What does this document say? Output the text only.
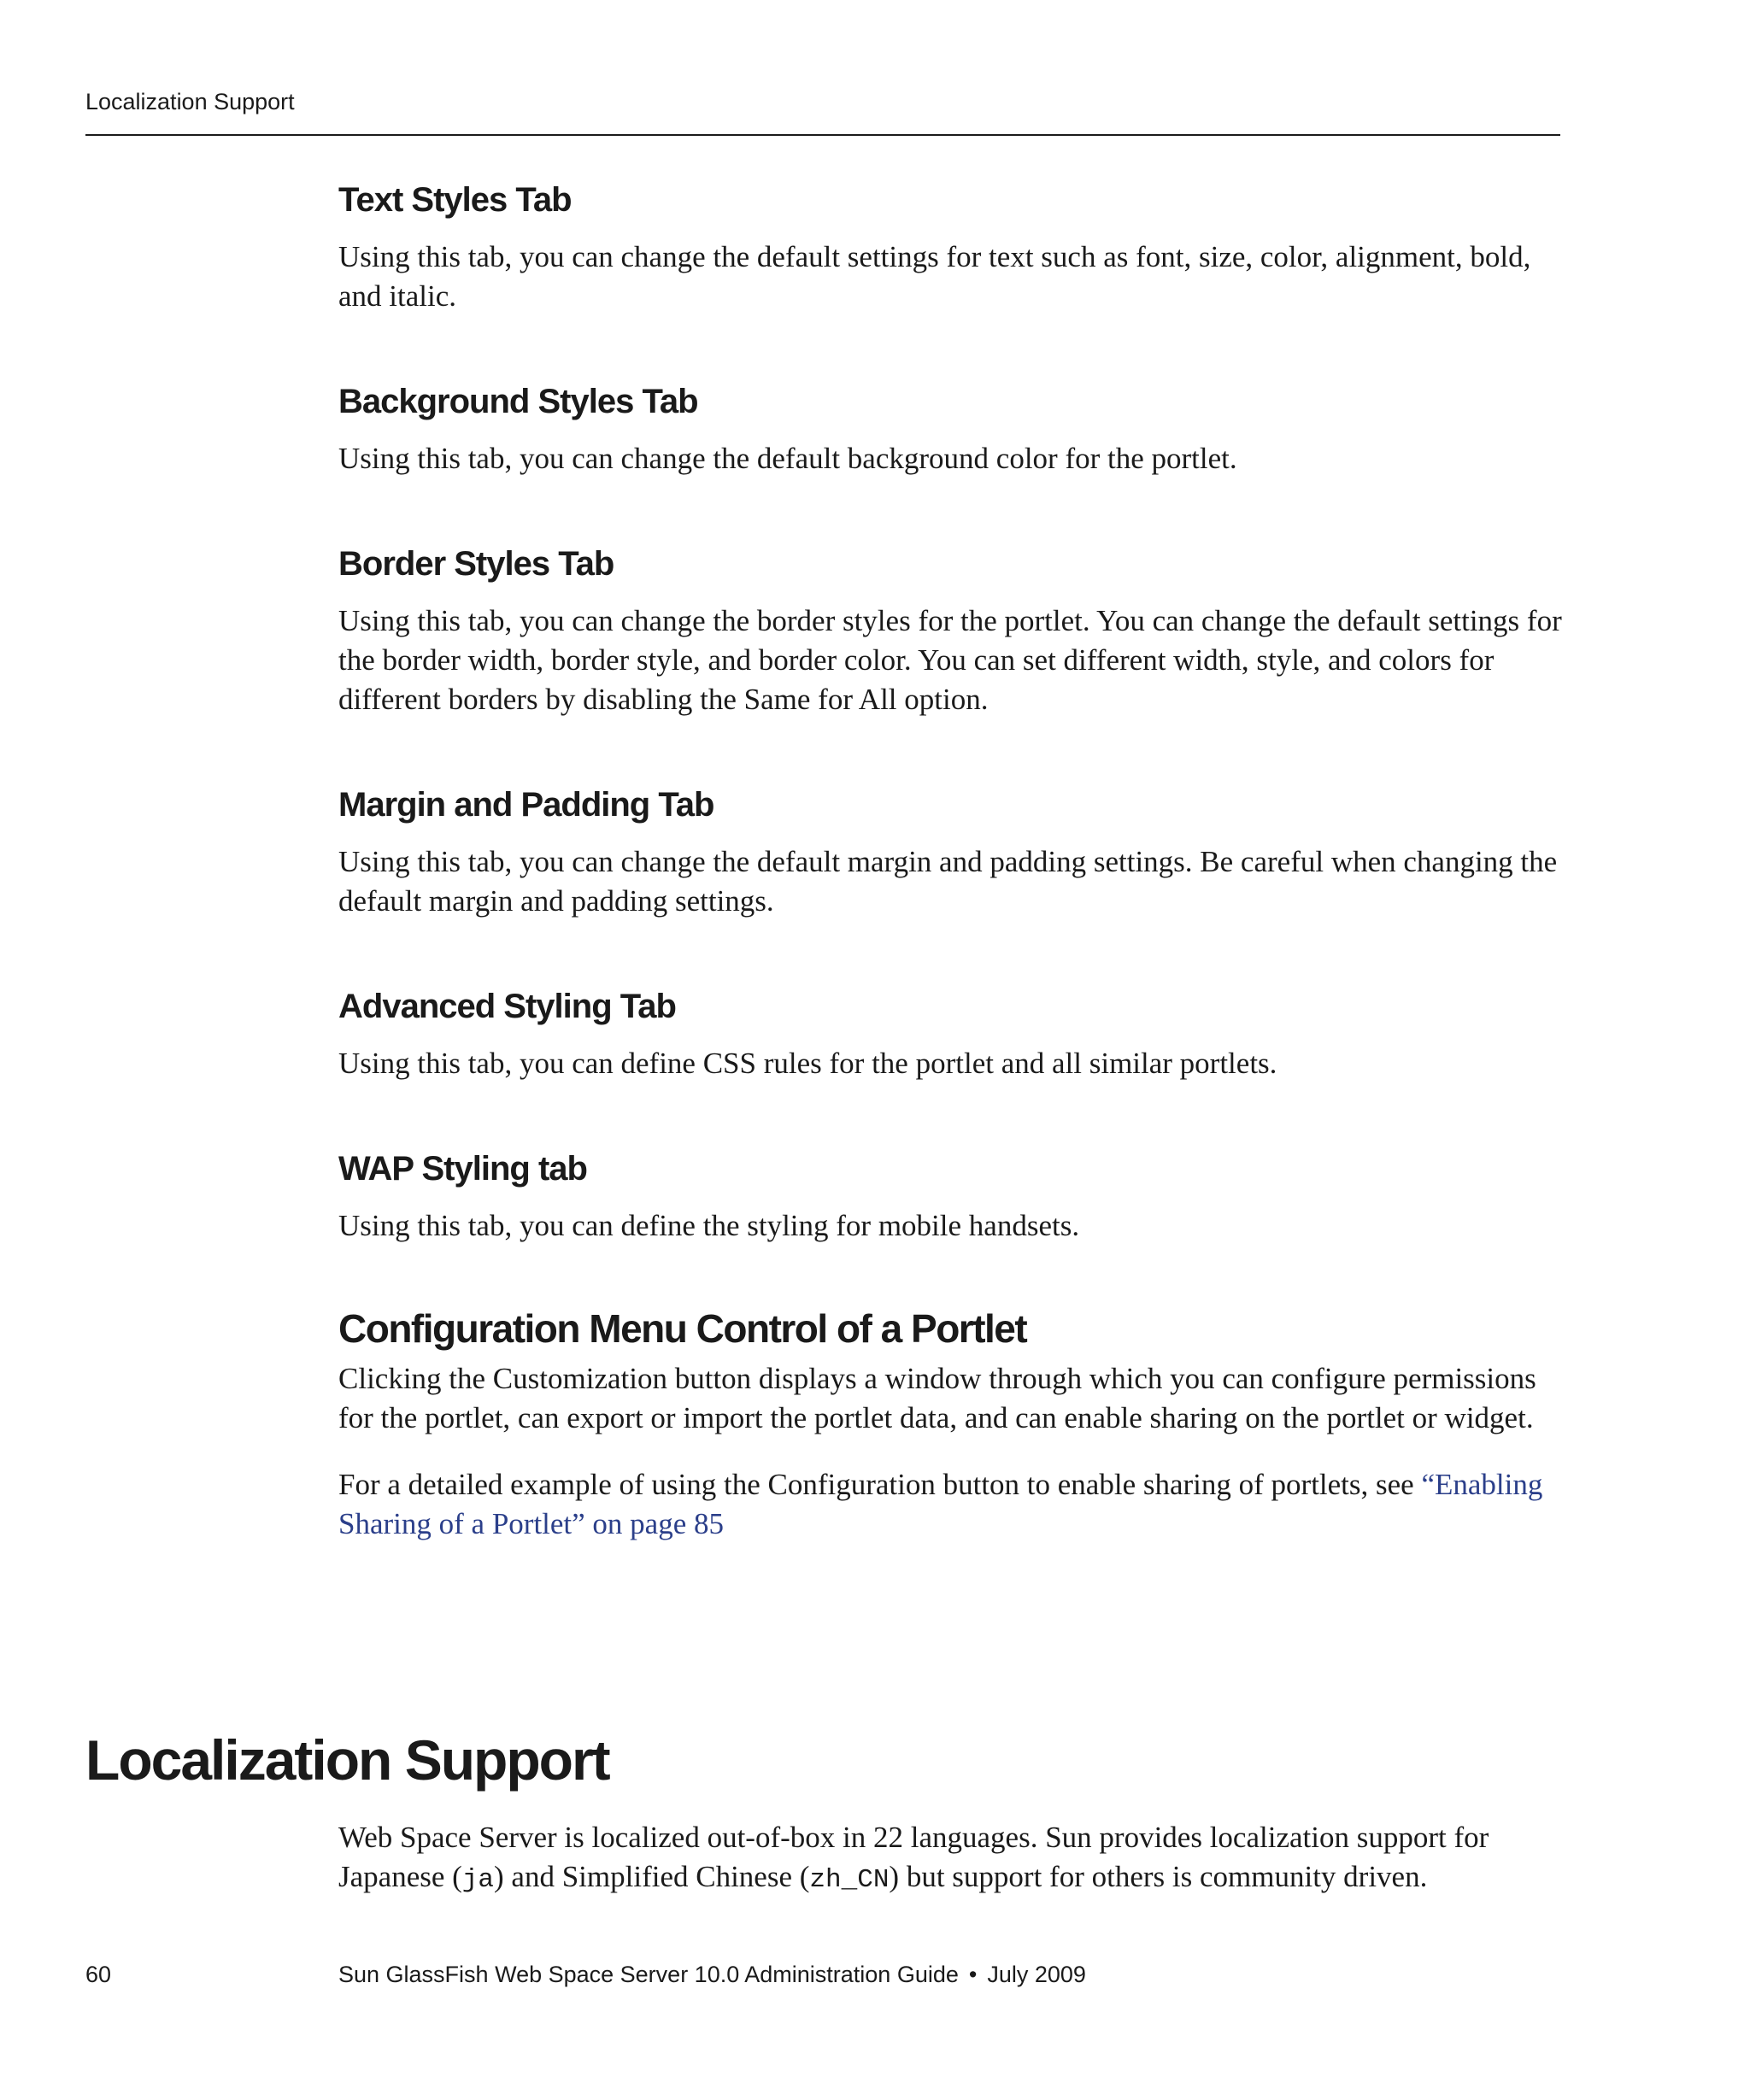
Localization Support
Text Styles Tab

Using this tab, you can change the default settings for text such as font, size, color, alignment, bold, and italic.

Background Styles Tab

Using this tab, you can change the default background color for the portlet.

Border Styles Tab

Using this tab, you can change the border styles for the portlet. You can change the default settings for the border width, border style, and border color. You can set different width, style, and colors for different borders by disabling the Same for All option.

Margin and Padding Tab

Using this tab, you can change the default margin and padding settings. Be careful when changing the default margin and padding settings.

Advanced Styling Tab

Using this tab, you can define CSS rules for the portlet and all similar portlets.

WAP Styling tab

Using this tab, you can define the styling for mobile handsets.

Configuration Menu Control of a Portlet

Clicking the Customization button displays a window through which you can configure permissions for the portlet, can export or import the portlet data, and can enable sharing on the portlet or widget.

For a detailed example of using the Configuration button to enable sharing of portlets, see “Enabling Sharing of a Portlet” on page 85

Localization Support

Web Space Server is localized out-of-box in 22 languages. Sun provides localization support for Japanese (ja) and Simplified Chinese (zh_CN) but support for others is community driven.

60	Sun GlassFish Web Space Server 10.0 Administration Guide • July 2009
